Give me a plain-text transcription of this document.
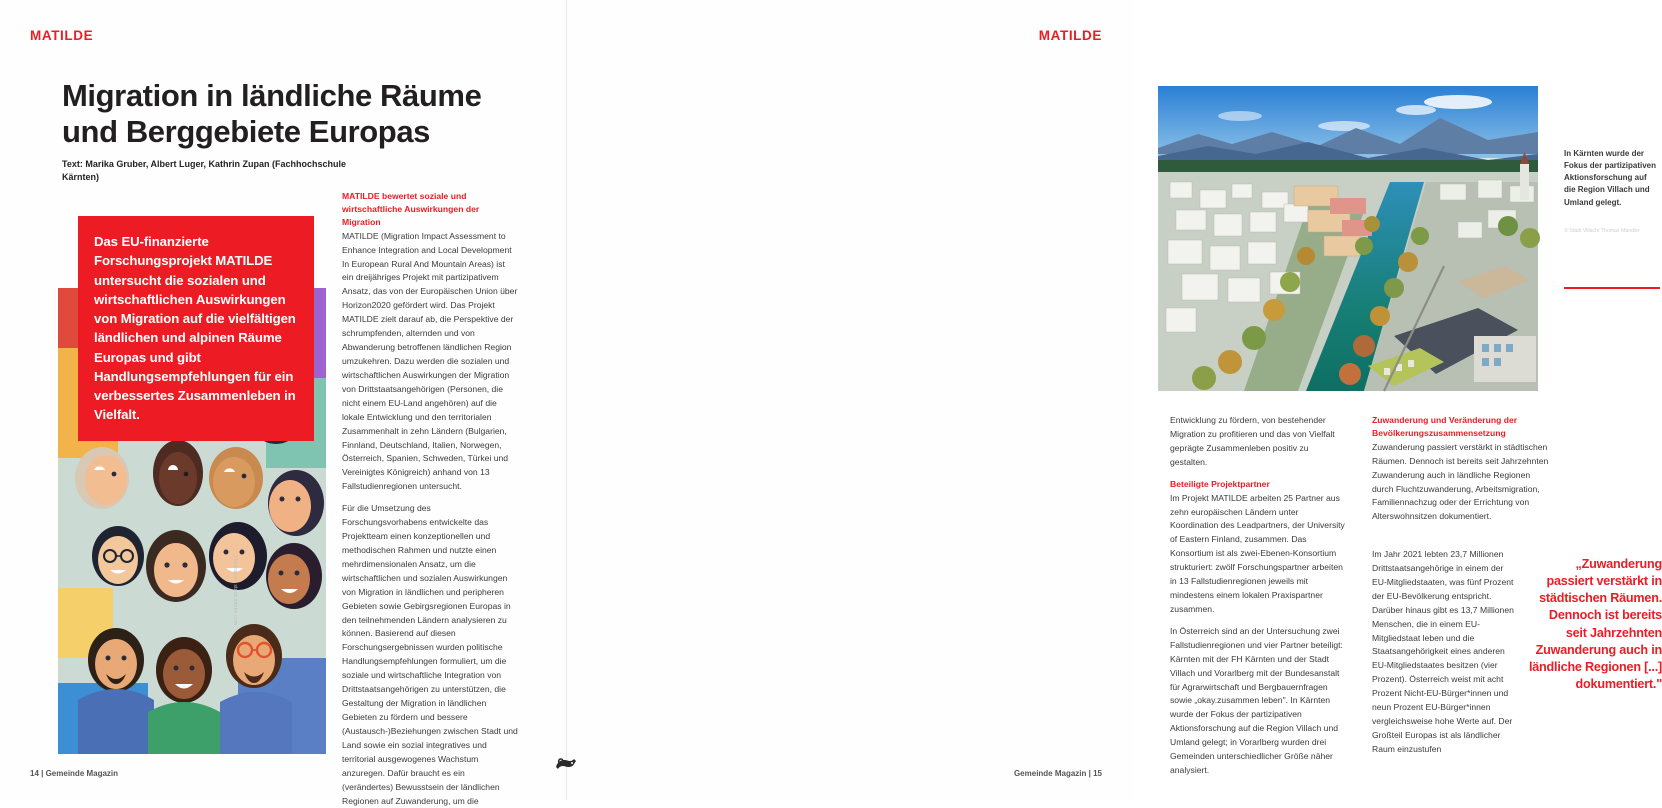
MATILDE
Migration in ländliche Räume und Berggebiete Europas
Text: Marika Gruber, Albert Luger, Kathrin Zupan (Fachhochschule Kärnten)
Illustration: stock.adobe.com
Das EU-finanzierte Forschungsprojekt MATILDE untersucht die sozialen und wirtschaftlichen Auswirkungen von Migration auf die vielfältigen ländlichen und alpinen Räume Europas und gibt Handlungsempfehlungen für ein verbessertes Zusammenleben in Vielfalt.

MATILDE bewertet soziale und wirtschaftliche Auswirkungen der Migration
MATILDE (Migration Impact Assessment to Enhance Integration and Local Development In European Rural And Mountain Areas) ist ein dreijähriges Projekt mit partizipativem Ansatz, das von der Europäischen Union über Horizon2020 gefördert wird. Das Projekt MATILDE zielt darauf ab, die Perspektive der schrumpfenden, alternden und von Abwanderung betroffenen ländlichen Region umzukehren. Dazu werden die sozialen und wirtschaftlichen Auswirkungen der Migration von Drittstaatsangehörigen (Personen, die nicht einem EU-Land angehören) auf die lokale Entwicklung und den territorialen Zusammenhalt in zehn Ländern (Bulgarien, Finnland, Deutschland, Italien, Norwegen, Österreich, Spanien, Schweden, Türkei und Vereinigtes Königreich) anhand von 13 Fallstudienregionen untersucht.

Für die Umsetzung des Forschungsvorhabens entwickelte das Projektteam einen konzeptionellen und methodischen Rahmen und nutzte einen mehrdimensionalen Ansatz, um die wirtschaftlichen und sozialen Auswirkungen von Migration in ländlichen und peripheren Gebieten sowie Gebirgsregionen Europas in den teilnehmenden Ländern analysieren zu können. Basierend auf diesen Forschungsergebnissen wurden politische Handlungsempfehlungen formuliert, um die soziale und wirtschaftliche Integration von Drittstaatsangehörigen zu unterstützen, die Gestaltung der Migration in ländlichen Gebieten zu fördern und bessere (Austausch-)Beziehungen zwischen Stadt und Land sowie ein sozial integratives und territorial ausgewogenes Wachstum anzuregen. Dafür braucht es ein (verändertes) Bewusstsein der ländlichen Regionen auf Zuwanderung, um die

14 | Gemeinde Magazin
MATILDE
In Kärnten wurde der Fokus der partizipativen Aktionsforschung auf die Region Villach und Umland gelegt.
© Stadt Villach/ Thomas Mandler

Entwicklung zu fördern, von bestehender Migration zu profitieren und das von Vielfalt geprägte Zusammenleben positiv zu gestalten.

Beteiligte Projektpartner
Im Projekt MATILDE arbeiten 25 Partner aus zehn europäischen Ländern unter Koordination des Leadpartners, der University of Eastern Finland, zusammen. Das Konsortium ist als zwei-Ebenen-Konsortium strukturiert: zwölf Forschungspartner arbeiten in 13 Fallstudienregionen jeweils mit mindestens einem lokalen Praxispartner zusammen.

In Österreich sind an der Untersuchung zwei Fallstudienregionen und vier Partner beteiligt: Kärnten mit der FH Kärnten und der Stadt Villach und Vorarlberg mit der Bundesanstalt für Agrarwirtschaft und Bergbauernfragen sowie „okay.zusammen leben". In Kärnten wurde der Fokus der partizipativen Aktionsforschung auf die Region Villach und Umland gelegt; in Vorarlberg wurden drei Gemeinden unterschiedlicher Größe näher analysiert.

Zuwanderung und Veränderung der Bevölkerungszusammensetzung
Zuwanderung passiert verstärkt in städtischen Räumen. Dennoch ist bereits seit Jahrzehnten Zuwanderung auch in ländliche Regionen durch Fluchtzuwanderung, Arbeitsmigration, Familiennachzug oder der Errichtung von Alterswohnsitzen dokumentiert.

Im Jahr 2021 lebten 23,7 Millionen Drittstaatsangehörige in einem der EU-Mitgliedstaaten, was fünf Prozent der EU-Bevölkerung entspricht. Darüber hinaus gibt es 13,7 Millionen Menschen, die in einem EU-Mitgliedstaat leben und die Staatsangehörigkeit eines anderen EU-Mitgliedstaates besitzen (vier Prozent). Österreich weist mit acht Prozent Nicht-EU-Bürger*innen und neun Prozent EU-Bürger*innen vergleichsweise hohe Werte auf. Der Großteil Europas ist als ländlicher Raum einzustufen

„Zuwanderung passiert verstärkt in städtischen Räumen. Dennoch ist bereits seit Jahrzehnten Zuwanderung auch in ländliche Regionen [...] dokumentiert."
Gemeinde Magazin | 15
